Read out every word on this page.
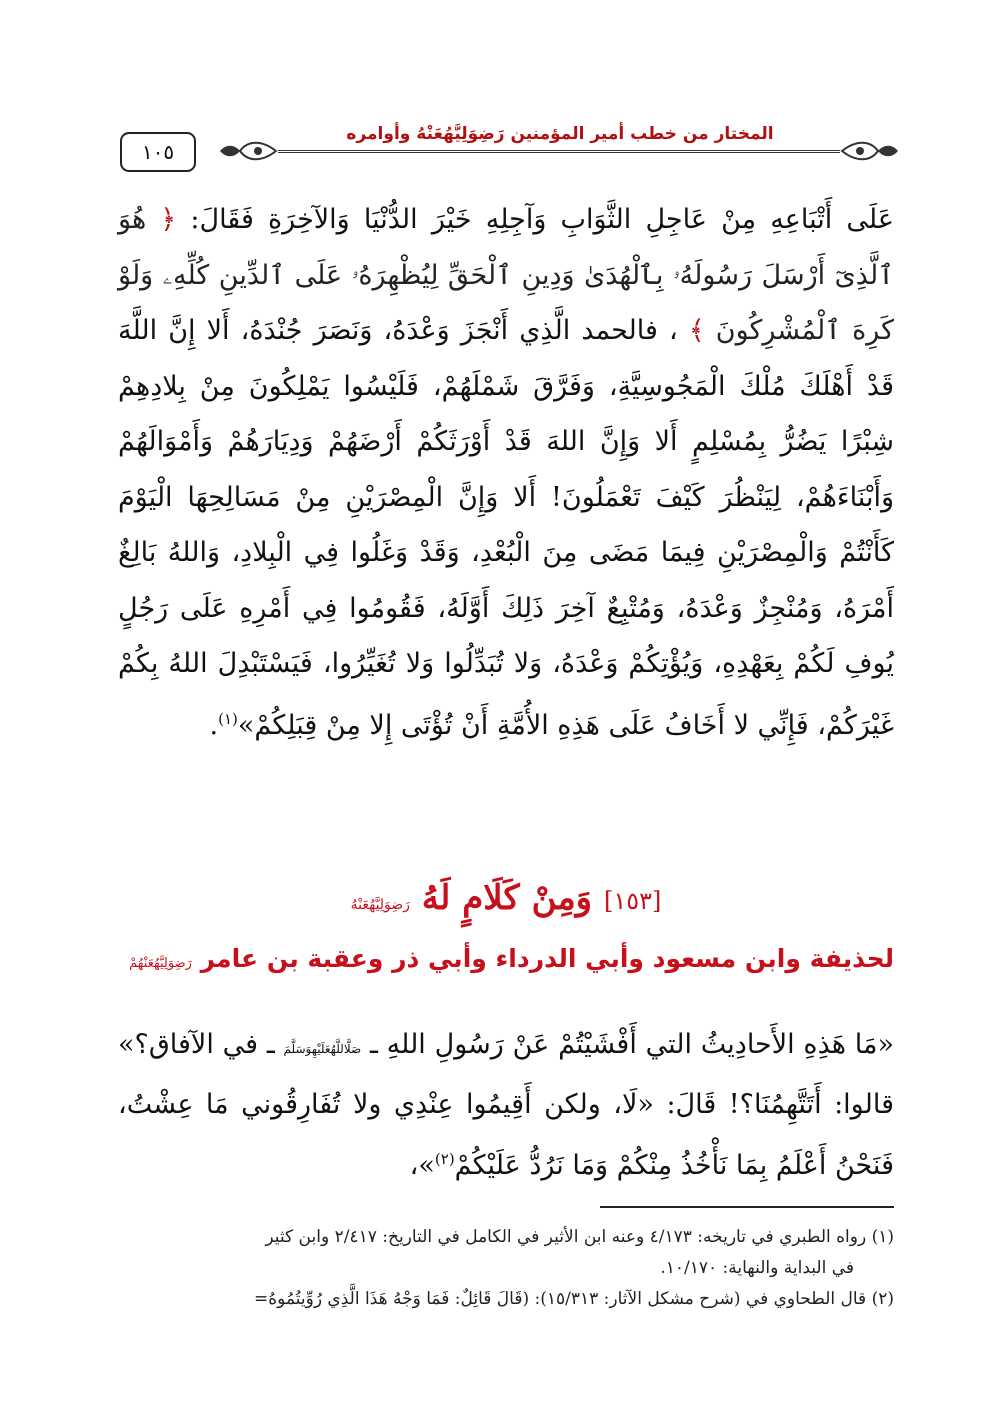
١٠٥
المختار من خطب أمير المؤمنين رَضِوَلِيَّهُعَنْهُ وأوامره
عَلَى أَتْبَاعِهِ مِنْ عَاجِلِ الثَّوَابِ وَآجِلِهِ خَيْرَ الدُّنْيَا وَالآخِرَةِ فَقَالَ: ﴿ هُوَ ٱلَّذِىٓ أَرْسَلَ رَسُولَهُۥ بِٱلْهُدَىٰ وَدِينِ ٱلْحَقِّ لِيُظْهِرَهُۥ عَلَى ٱلدِّينِ كُلِّهِۦ وَلَوْ كَرِهَ ٱلْمُشْرِكُونَ ﴾ ، فالحمد الَّذِي أَنْجَزَ وَعْدَهُ، وَنَصَرَ جُنْدَهُ، أَلا إِنَّ اللَّهَ قَدْ أَهْلَكَ مُلْكَ الْمَجُوسِيَّةِ، وَفَرَّقَ شَمْلَهُمْ، فَلَيْسُوا يَمْلِكُونَ مِنْ بِلادِهِمْ شِبْرًا يَضُرُّ بِمُسْلِمٍ أَلا وَإِنَّ اللهَ قَدْ أَوْرَثَكُمْ أَرْضَهُمْ وَدِيَارَهُمْ وَأَمْوَالَهُمْ وَأَبْنَاءَهُمْ، لِيَنْظُرَ كَيْفَ تَعْمَلُونَ! أَلا وَإِنَّ الْمِصْرَيْنِ مِنْ مَسَالِحِهَا الْيَوْمَ كَأَنْتُمْ وَالْمِصْرَيْنِ فِيمَا مَضَى مِنَ الْبُعْدِ، وَقَدْ وَغَلُوا فِي الْبِلادِ، وَاللهُ بَالِغٌ أَمْرَهُ، وَمُنْجِزٌ وَعْدَهُ، وَمُتْبِعٌ آخِرَ ذَلِكَ أَوَّلَهُ، فَقُومُوا فِي أَمْرِهِ عَلَى رَجُلٍ يُوفِ لَكُمْ بِعَهْدِهِ، وَيُؤْتِكُمْ وَعْدَهُ، وَلا تُبَدِّلُوا وَلا تُغَيِّرُوا، فَيَسْتَبْدِلَ اللهُ بِكُمْ غَيْرَكُمْ، فَإِنِّي لا أَخَافُ عَلَى هَذِهِ الأُمَّةِ أَنْ تُؤْتَى إِلا مِنْ قِبَلِكُمْ»$^{(١)}$.
[١٥٣] وَمِنْ كَلَامٍ لَهُ رَضِوَلِيَّهُعَنْهُ
لحذيفة وابن مسعود وأبي الدرداء وأبي ذر وعقبة بن عامر رَضِوَلِيَّهُعَنْهُمْ
«مَا هَذِهِ الأَحادِيثُ التي أَفْشَيْتُمْ عَنْ رَسُولِ اللهِ ـ صَلَّاللَّهُعَلَيْهِوَسَلَّمَ ـ في الآفاق؟» قالوا: أَتَتَّهِمُنَا؟! قَالَ: «لَا، ولكن أَقِيمُوا عِنْدِي ولا تُفَارِقُوني مَا عِشْتُ، فَنَحْنُ أَعْلَمُ بِمَا نَأْخُذُ مِنْكُمْ وَمَا نَرُدُّ عَلَيْكُمْ$^{(٢)}$»،

(١) رواه الطبري في تاريخه: ٤/١٧٣ وعنه ابن الأثير في الكامل في التاريخ: ٢/٤١٧ وابن كثير

في البداية والنهاية: ١٠/١٧٠.

(٢) قال الطحاوي في (شرح مشكل الآثار: ١٥/٣١٣): (قَالَ قَائِلٌ: فَمَا وَجْهُ هَذَا الَّذِي رُوِّيتُمُوهُ=
